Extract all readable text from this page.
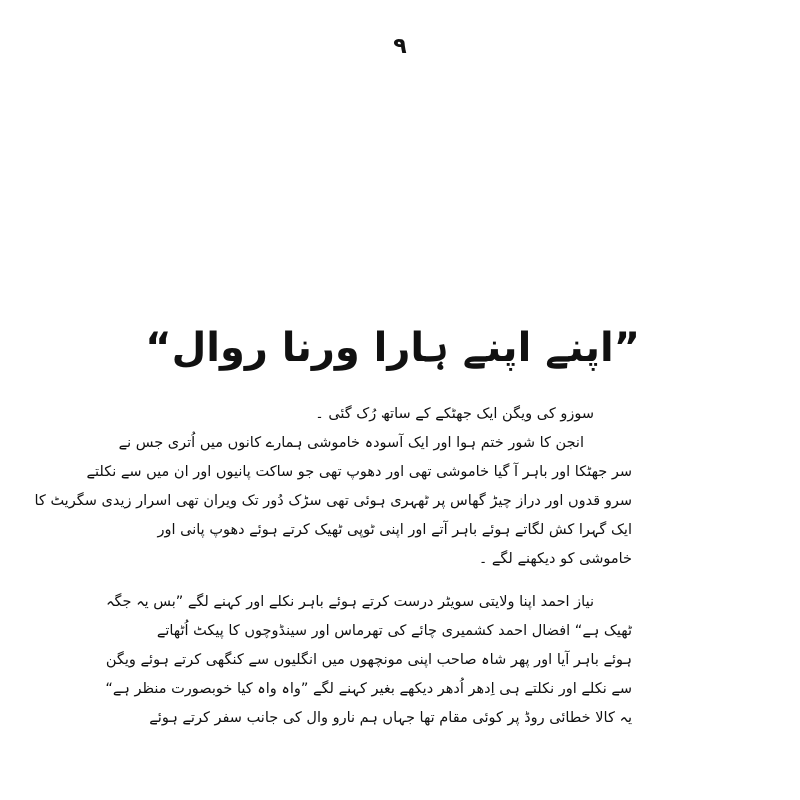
۹
”اپنے اپنے ہارا ورنا روال“
سوزو کی ویگن ایک جھٹکے کے ساتھ رُک گئی ۔
انجن کا شور ختم ہوا اور ایک آسودہ خاموشی ہمارے کانوں میں اُتری جس نے
سر جھٹکا اور باہر آ گیا خاموشی تھی اور دھوپ تھی جو ساکت پانیوں اور ان میں سے نکلتے
سرو قدوں اور دراز چیڑ گھاس پر ٹھہری ہوئی تھی سڑک دُور تک ویران تھی اسرار زیدی سگریٹ کا
ایک گہرا کش لگاتے ہوئے باہر آتے اور اپنی ٹوپی ٹھیک کرتے ہوئے دھوپ پانی اور
خاموشی کو دیکھنے لگے ۔
نیاز احمد اپنا ولایتی سویٹر درست کرتے ہوئے باہر نکلے اور کہنے لگے ”بس یہ جگہ
ٹھیک ہے“ افضال احمد کشمیری چائے کی تھرماس اور سینڈوچوں کا پیکٹ اُٹھاتے
ہوئے باہر آیا اور پھر شاہ صاحب اپنی مونچھوں میں انگلیوں سے کنگھی کرتے ہوئے ویگن
سے نکلے اور نکلتے ہی اِدھر اُدھر دیکھے بغیر کہنے لگے ”واہ واہ کیا خوبصورت منظر ہے“
یہ کالا خطائی روڈ پر کوئی مقام تھا جہاں ہم نارو وال کی جانب سفر کرتے ہوئے
